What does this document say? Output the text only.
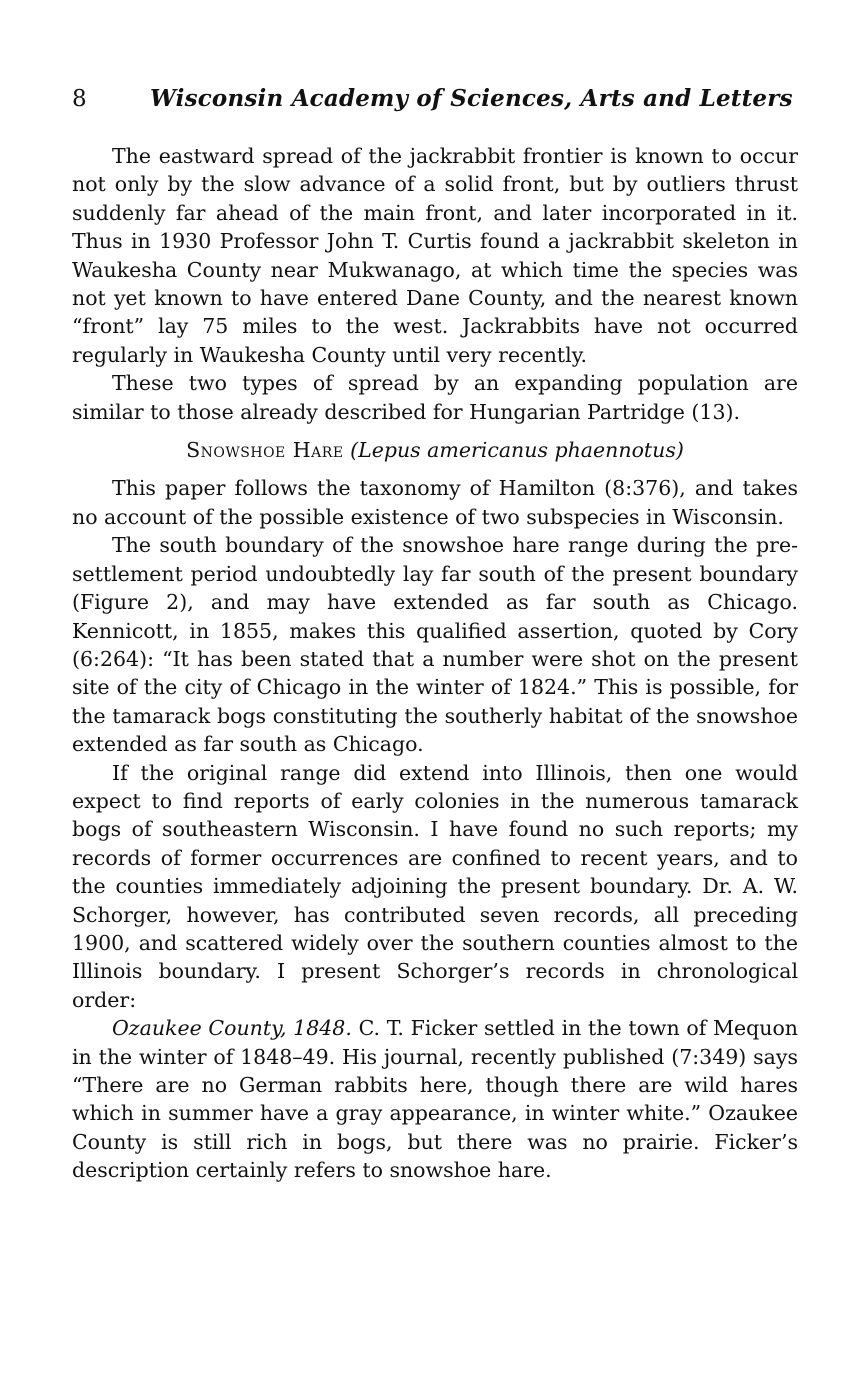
8	Wisconsin Academy of Sciences, Arts and Letters

The eastward spread of the jackrabbit frontier is known to occur not only by the slow advance of a solid front, but by outliers thrust suddenly far ahead of the main front, and later incorporated in it. Thus in 1930 Professor John T. Curtis found a jackrabbit skeleton in Waukesha County near Mukwanago, at which time the species was not yet known to have entered Dane County, and the nearest known “front” lay 75 miles to the west. Jackrabbits have not occurred regularly in Waukesha County until very recently.

These two types of spread by an expanding population are similar to those already described for Hungarian Partridge (13).

Snowshoe Hare (Lepus americanus phaennotus)

This paper follows the taxonomy of Hamilton (8:376), and takes no account of the possible existence of two subspecies in Wisconsin.

The south boundary of the snowshoe hare range during the pre-settlement period undoubtedly lay far south of the present boundary (Figure 2), and may have extended as far south as Chicago. Kennicott, in 1855, makes this qualified assertion, quoted by Cory (6:264): “It has been stated that a number were shot on the present site of the city of Chicago in the winter of 1824.” This is possible, for the tamarack bogs constituting the southerly habitat of the snowshoe extended as far south as Chicago.

If the original range did extend into Illinois, then one would expect to find reports of early colonies in the numerous tamarack bogs of southeastern Wisconsin. I have found no such reports; my records of former occurrences are confined to recent years, and to the counties immediately adjoining the present boundary. Dr. A. W. Schorger, however, has contributed seven records, all preceding 1900, and scattered widely over the southern counties almost to the Illinois boundary. I present Schorger’s records in chronological order:

Ozaukee County, 1848. C. T. Ficker settled in the town of Mequon in the winter of 1848–49. His journal, recently published (7:349) says “There are no German rabbits here, though there are wild hares which in summer have a gray appearance, in winter white.” Ozaukee County is still rich in bogs, but there was no prairie. Ficker’s description certainly refers to snowshoe hare.
